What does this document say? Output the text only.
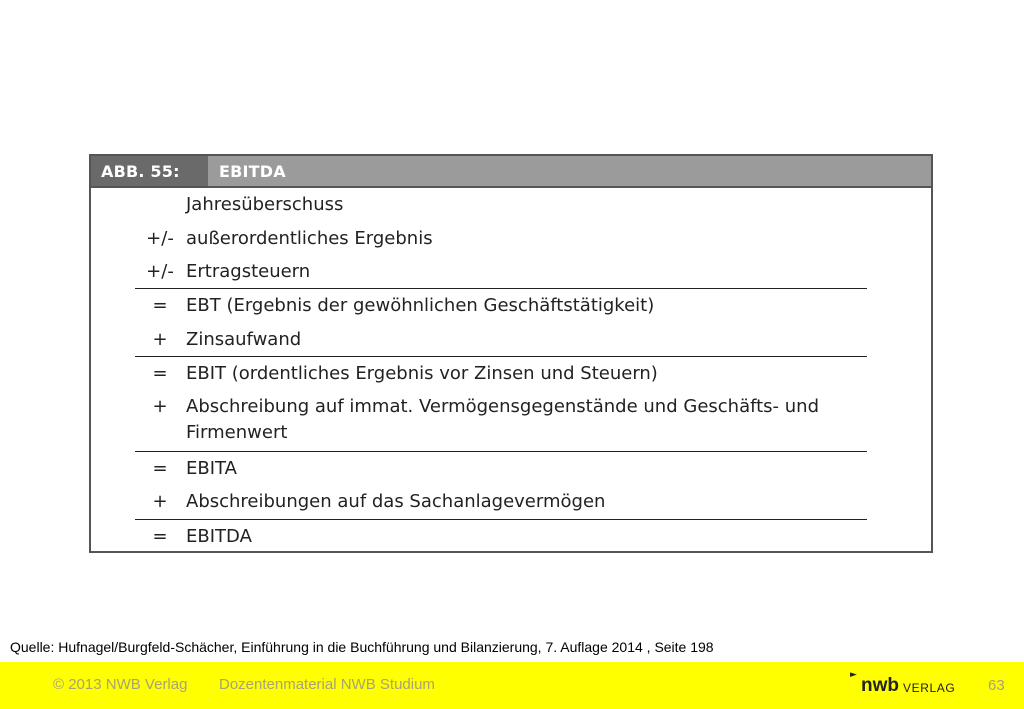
ABB. 55: EBITDA
Jahresüberschuss
+/- außerordentliches Ergebnis
+/- Ertragsteuern
=	EBT (Ergebnis der gewöhnlichen Geschäftstätigkeit)
+	Zinsaufwand
=	EBIT (ordentliches Ergebnis vor Zinsen und Steuern)
+	Abschreibung auf immat. Vermögensgegenstände und Geschäfts- und Firmenwert
=	EBITA
+	Abschreibungen auf das Sachanlagevermögen
=	EBITDA
Quelle: Hufnagel/Burgfeld-Schächer, Einführung in die Buchführung und Bilanzierung, 7. Auflage 2014 , Seite 198
© 2013 NWB Verlag Dozentenmaterial NWB Studium
► nwb VERLAG 63
